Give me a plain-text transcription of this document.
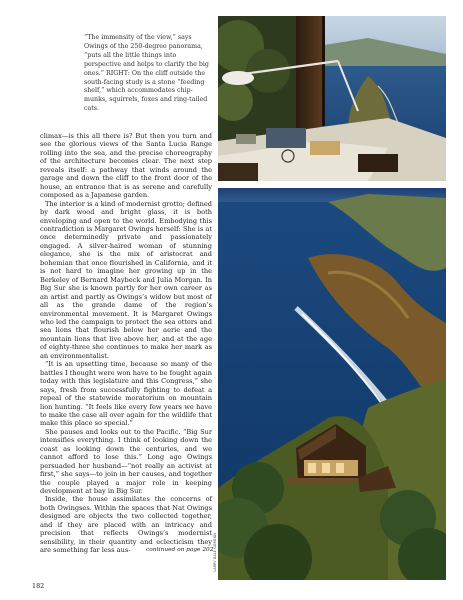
“The immensity of the view,” says Owings of the 250-degree panorama, “puts all the little things into perspective and helps to clarify the big ones.” RIGHT: On the cliff outside the south-facing study is a stone “feeding shelf,” which accommodates chip-munks, squirrels, foxes and ring-tailed cats.

climax—is this all there is? But then you turn and see the glorious views of the Santa Lucia Range rolling into the sea, and the precise choreography of the architecture becomes clear. The next step reveals itself: a pathway that winds around the garage and down the cliff to the front door of the house, an entrance that is as serene and carefully composed as a Japanese garden.

The interior is a kind of modernist grotto; defined by dark wood and bright glass, it is both enveloping and open to the world. Embodying this contradiction is Margaret Owings herself: She is at once determinedly private and passionately engaged. A silver-haired woman of stunning elegance, she is the mix of aristocrat and bohemian that once flourished in California, and it is not hard to imagine her growing up in the Berkeley of Bernard Maybeck and Julia Morgan. In Big Sur she is known partly for her own career as an artist and partly as Owings’s widow but most of all as the grande dame of the region’s environmental movement. It is Margaret Owings who led the campaign to protect the sea otters and sea lions that flourish below her aerie and the mountain lions that live above her, and at the age of eighty-three she continues to make her mark as an environmentalist.

“It is an upsetting time, because so many of the battles I thought were won have to be fought again today with this legislature and this Congress,” she says, fresh from successfully fighting to defeat a repeal of the statewide moratorium on mountain lion hunting. “It feels like every few years we have to make the case all over again for the wildlife that make this place so special.”

She pauses and looks out to the Pacific. “Big Sur intensifies everything. I think of looking down the coast as looking down the centuries, and we cannot afford to lose this.” Long ago Owings persuaded her husband—“not really an activist at first,” she says—to join in her causes, and together the couple played a major role in keeping development at bay in Big Sur.

Inside, the house assimilates the concerns of both Owingses. Within the spaces that Nat Owings designed are objects the two collected together, and if they are placed with an intricacy and precision that reflects Owings’s modernist sensibility, in their quantity and eclecticism they are something far less aus-	continued on page 202
182
LARRY DALE GORDON
